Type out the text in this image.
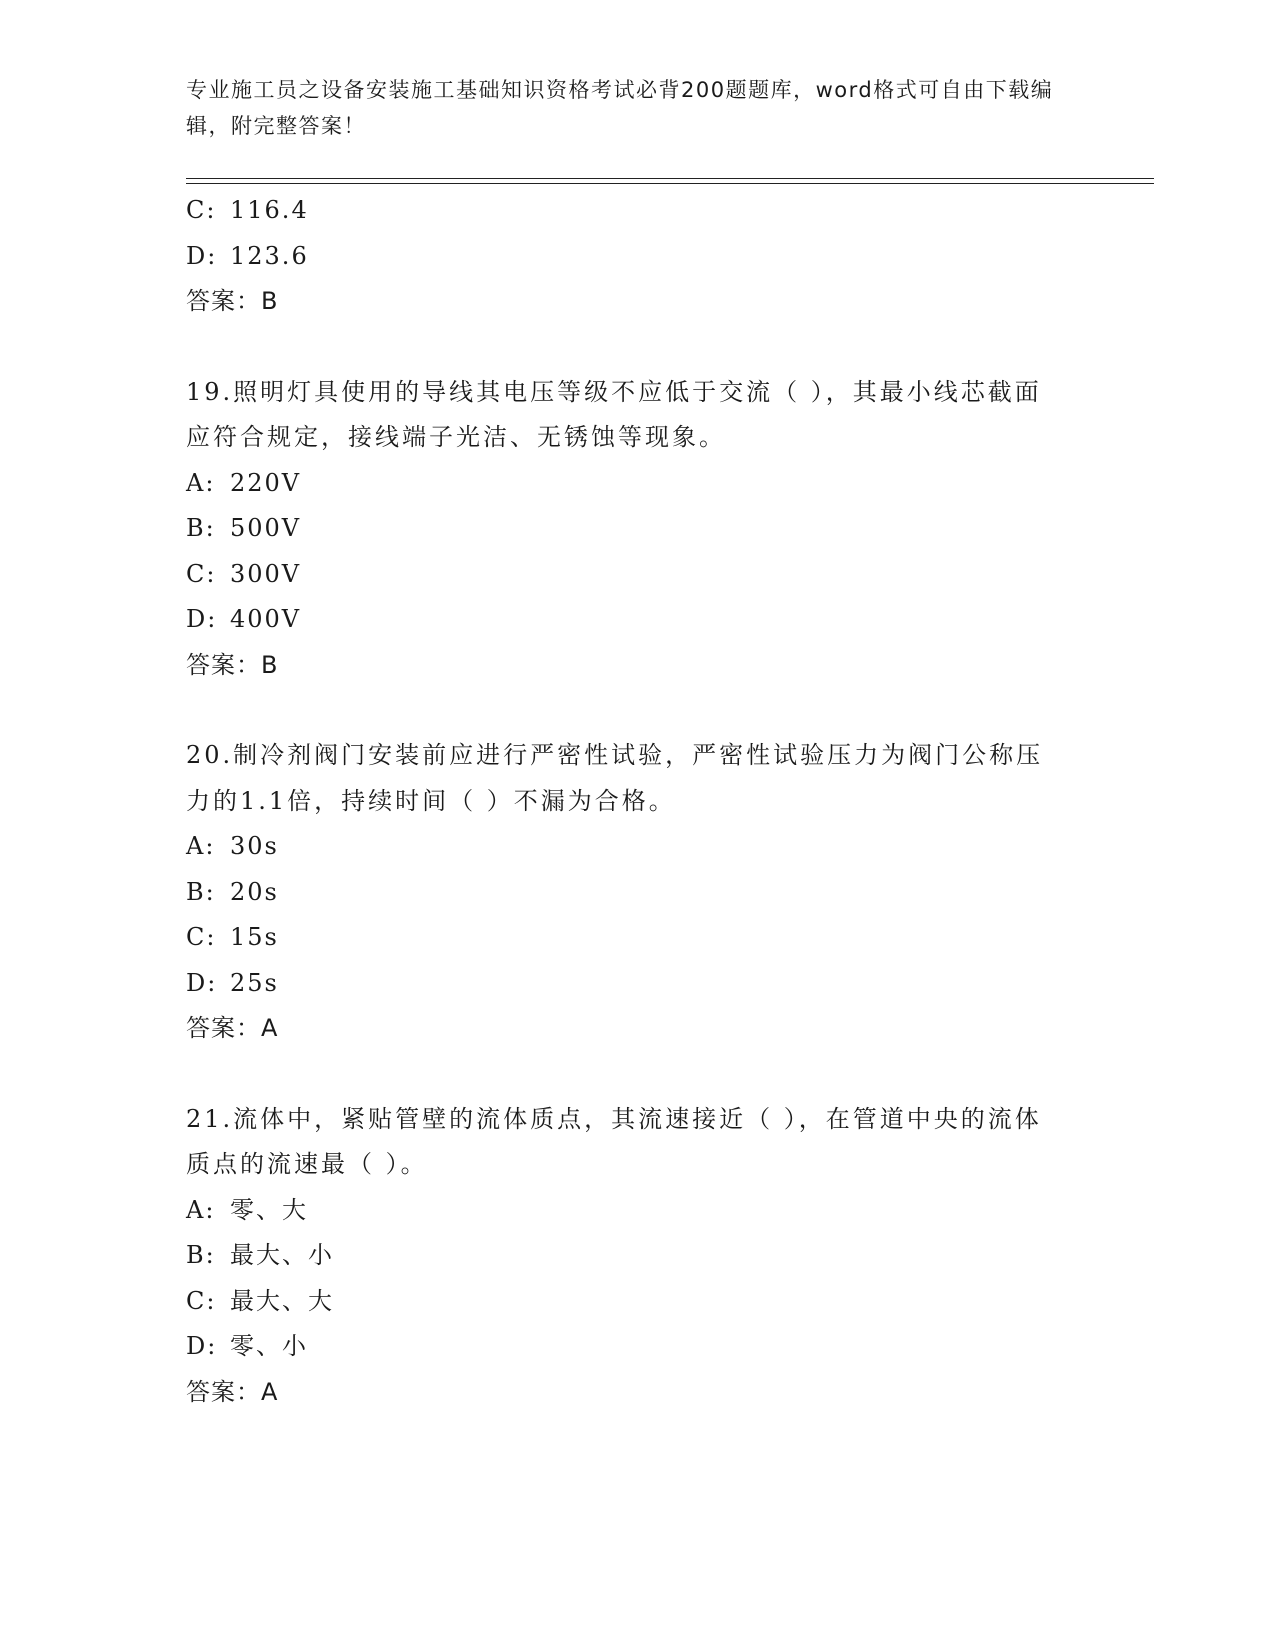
专业施工员之设备安装施工基础知识资格考试必背200题题库，word格式可自由下载编辑，附完整答案！
C: 116.4
D: 123.6
答案：B
19.照明灯具使用的导线其电压等级不应低于交流（ ），其最小线芯截面应符合规定，接线端子光洁、无锈蚀等现象。
A: 220V
B: 500V
C: 300V
D: 400V
答案：B
20.制冷剂阀门安装前应进行严密性试验，严密性试验压力为阀门公称压力的1.1倍，持续时间（ ）不漏为合格。
A: 30s
B: 20s
C: 15s
D: 25s
答案：A
21.流体中，紧贴管壁的流体质点，其流速接近（ ），在管道中央的流体质点的流速最（ ）。
A: 零、大
B: 最大、小
C: 最大、大
D: 零、小
答案：A
